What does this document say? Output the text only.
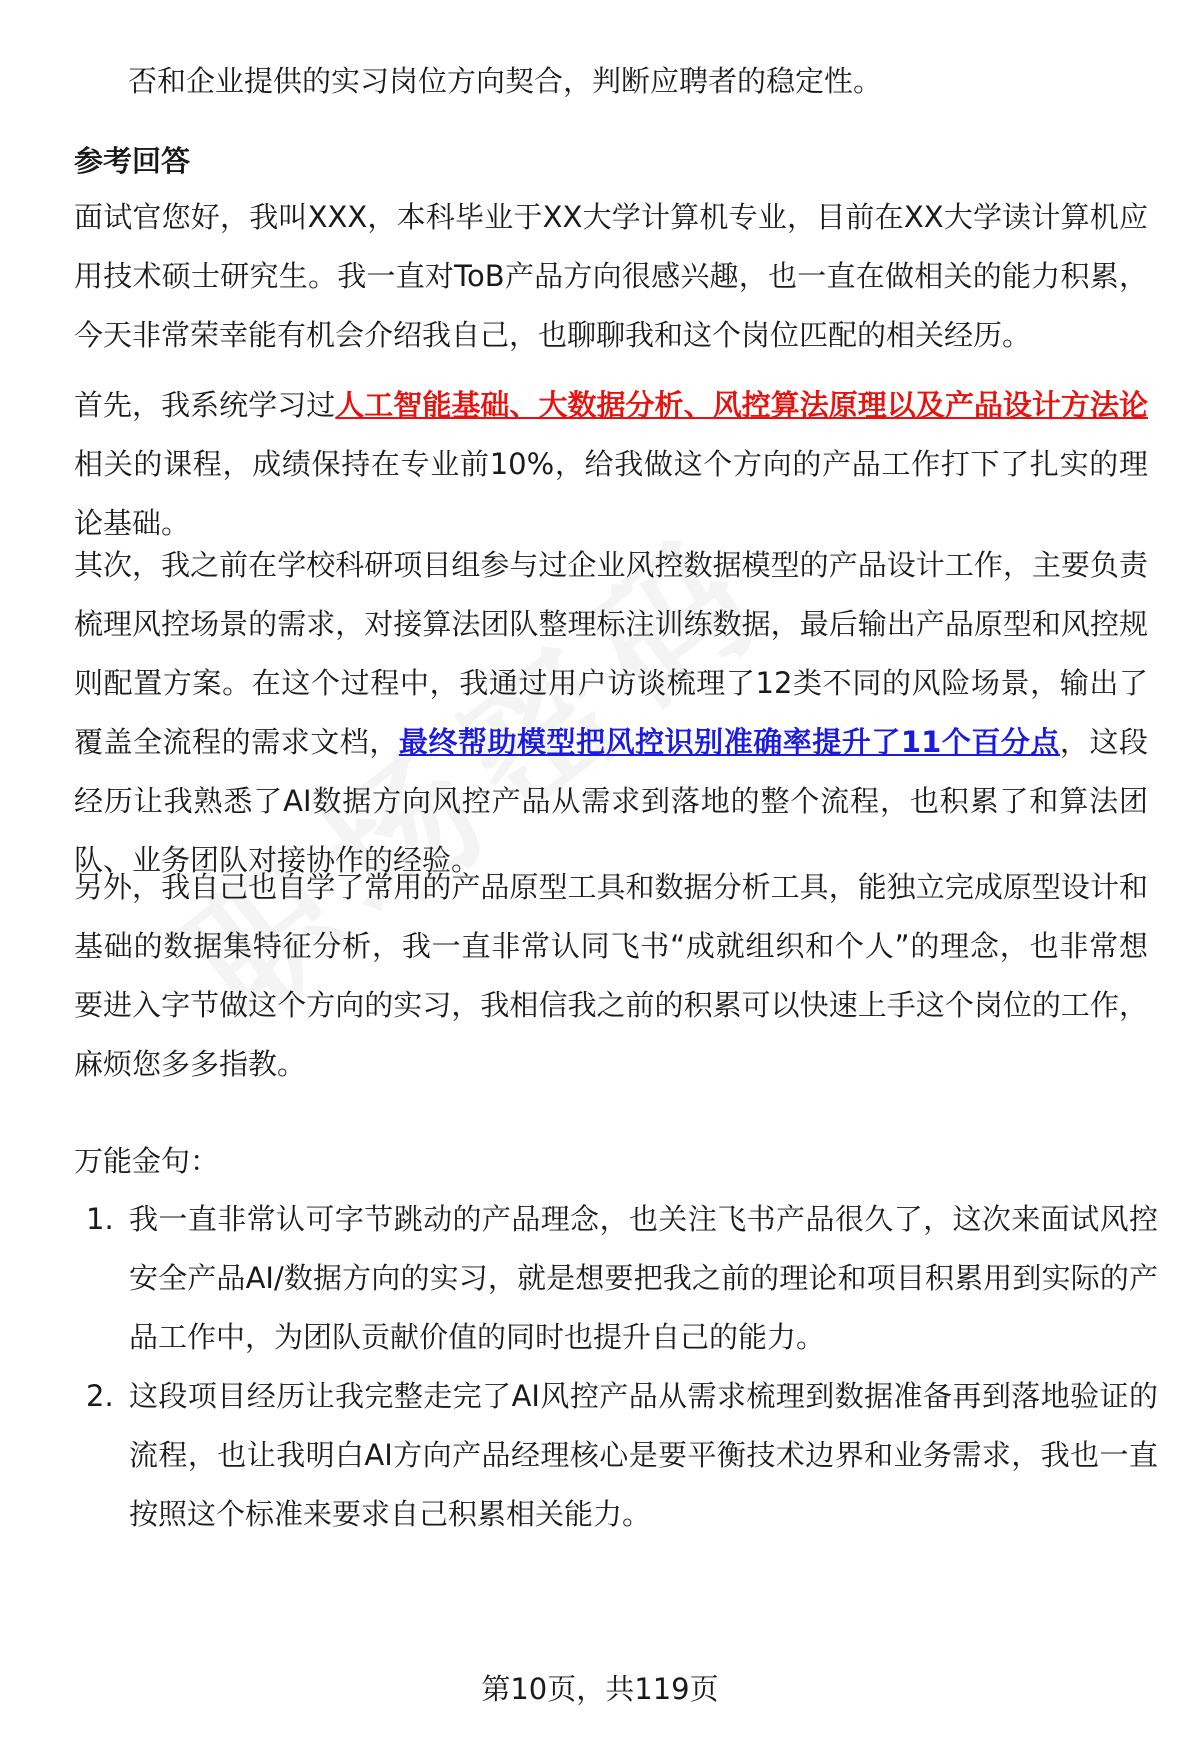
否和企业提供的实习岗位方向契合，判断应聘者的稳定性。

参考回答

面试官您好，我叫XXX，本科毕业于XX大学计算机专业，目前在XX大学读计算机应用技术硕士研究生。我一直对ToB产品方向很感兴趣，也一直在做相关的能力积累，今天非常荣幸能有机会介绍我自己，也聊聊我和这个岗位匹配的相关经历。

首先，我系统学习过人工智能基础、大数据分析、风控算法原理以及产品设计方法论相关的课程，成绩保持在专业前10%，给我做这个方向的产品工作打下了扎实的理论基础。

其次，我之前在学校科研项目组参与过企业风控数据模型的产品设计工作，主要负责梳理风控场景的需求，对接算法团队整理标注训练数据，最后输出产品原型和风控规则配置方案。在这个过程中，我通过用户访谈梳理了12类不同的风险场景，输出了覆盖全流程的需求文档，最终帮助模型把风控识别准确率提升了11个百分点，这段经历让我熟悉了AI数据方向风控产品从需求到落地的整个流程，也积累了和算法团队、业务团队对接协作的经验。

另外，我自己也自学了常用的产品原型工具和数据分析工具，能独立完成原型设计和基础的数据集特征分析，我一直非常认同飞书“成就组织和个人”的理念，也非常想要进入字节做这个方向的实习，我相信我之前的积累可以快速上手这个岗位的工作，麻烦您多多指教。

万能金句：
1. 我一直非常认可字节跳动的产品理念，也关注飞书产品很久了，这次来面试风控安全产品AI/数据方向的实习，就是想要把我之前的理论和项目积累用到实际的产品工作中，为团队贡献价值的同时也提升自己的能力。
2. 这段项目经历让我完整走完了AI风控产品从需求梳理到数据准备再到落地验证的流程，也让我明白AI方向产品经理核心是要平衡技术边界和业务需求，我也一直按照这个标准来要求自己积累相关能力。
第10页，共119页
